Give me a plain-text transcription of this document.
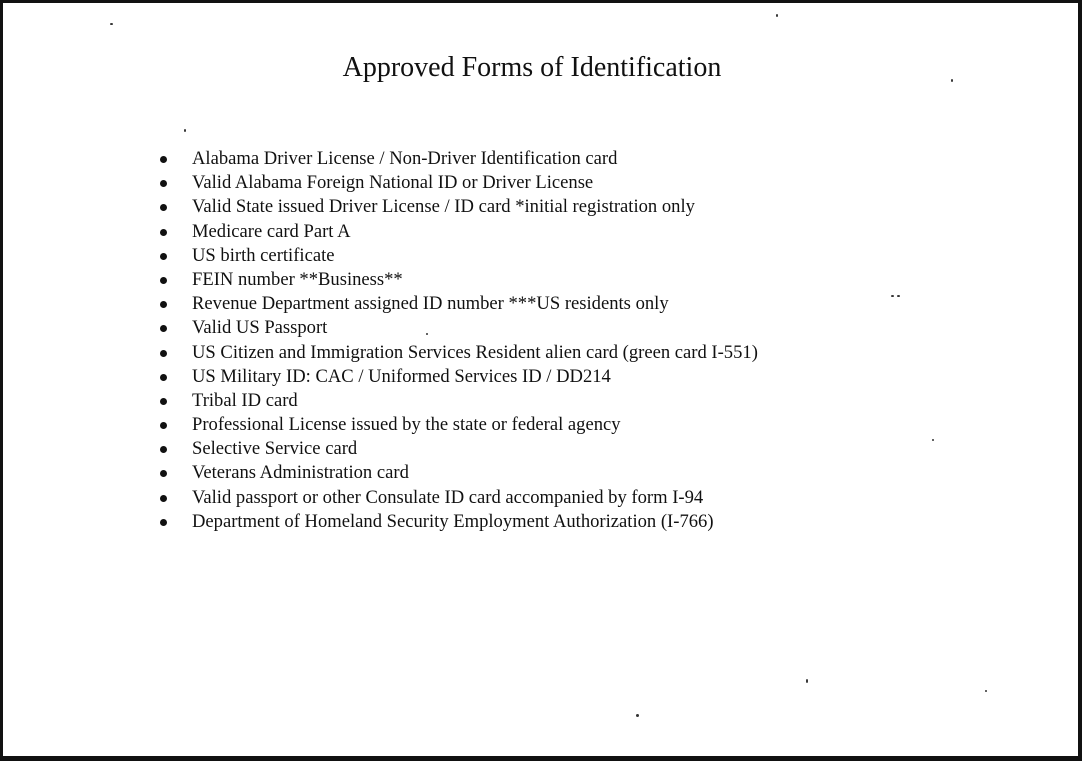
Approved Forms of Identification
Alabama Driver License / Non-Driver Identification card
Valid Alabama Foreign National ID or Driver License
Valid State issued Driver License / ID card *initial registration only
Medicare card Part A
US birth certificate
FEIN number **Business**
Revenue Department assigned ID number ***US residents only
Valid US Passport
US Citizen and Immigration Services Resident alien card (green card I-551)
US Military ID: CAC / Uniformed Services ID / DD214
Tribal ID card
Professional License issued by the state or federal agency
Selective Service card
Veterans Administration card
Valid passport or other Consulate ID card accompanied by form I-94
Department of Homeland Security Employment Authorization (I-766)
